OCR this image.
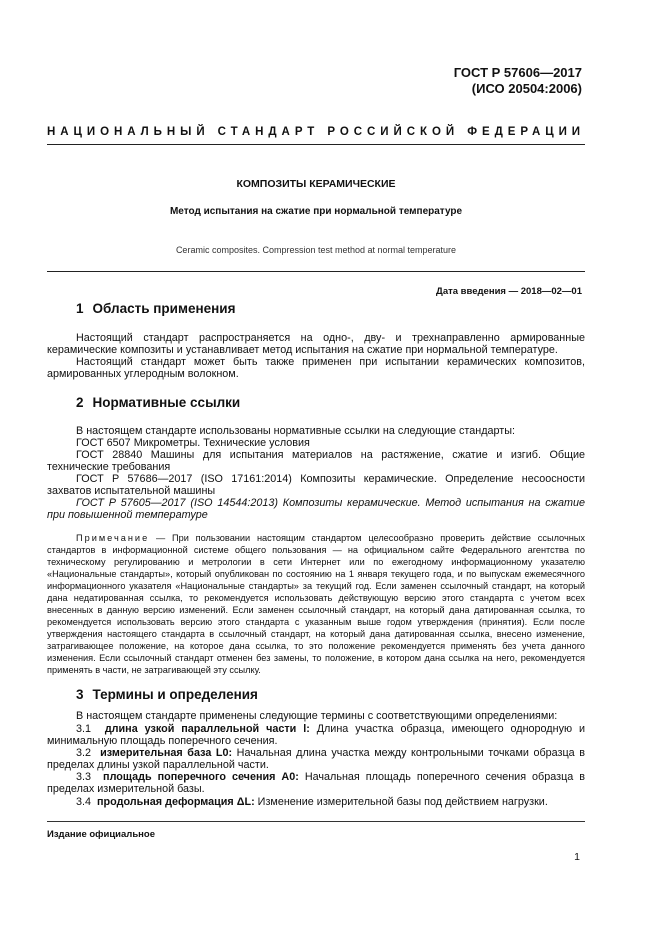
ГОСТ Р 57606—2017
(ИСО 20504:2006)
НАЦИОНАЛЬНЫЙ СТАНДАРТ РОССИЙСКОЙ ФЕДЕРАЦИИ
КОМПОЗИТЫ КЕРАМИЧЕСКИЕ
Метод испытания на сжатие при нормальной температуре
Ceramic composites. Compression test method at normal temperature
Дата введения — 2018—02—01
1 Область применения
Настоящий стандарт распространяется на одно-, дву- и трехнаправленно армированные керамические композиты и устанавливает метод испытания на сжатие при нормальной температуре.
Настоящий стандарт может быть также применен при испытании керамических композитов, армированных углеродным волокном.
2 Нормативные ссылки
В настоящем стандарте использованы нормативные ссылки на следующие стандарты:
ГОСТ 6507 Микрометры. Технические условия
ГОСТ 28840 Машины для испытания материалов на растяжение, сжатие и изгиб. Общие технические требования
ГОСТ Р 57686—2017 (ISO 17161:2014) Композиты керамические. Определение несоосности захватов испытательной машины
ГОСТ Р 57605—2017 (ISO 14544:2013) Композиты керамические. Метод испытания на сжатие при повышенной температуре
Примечание — При пользовании настоящим стандартом целесообразно проверить действие ссылочных стандартов в информационной системе общего пользования — на официальном сайте Федерального агентства по техническому регулированию и метрологии в сети Интернет или по ежегодному информационному указателю «Национальные стандарты», который опубликован по состоянию на 1 января текущего года, и по выпускам ежемесячного информационного указателя «Национальные стандарты» за текущий год. Если заменен ссылочный стандарт, на который дана недатированная ссылка, то рекомендуется использовать действующую версию этого стандарта с учетом всех внесенных в данную версию изменений. Если заменен ссылочный стандарт, на который дана датированная ссылка, то рекомендуется использовать версию этого стандарта с указанным выше годом утверждения (принятия). Если после утверждения настоящего стандарта в ссылочный стандарт, на который дана датированная ссылка, внесено изменение, затрагивающее положение, на которое дана ссылка, то это положение рекомендуется применять без учета данного изменения. Если ссылочный стандарт отменен без замены, то положение, в котором дана ссылка на него, рекомендуется применять в части, не затрагивающей эту ссылку.
3 Термины и определения
В настоящем стандарте применены следующие термины с соответствующими определениями:
3.1 длина узкой параллельной части l: Длина участка образца, имеющего однородную и минимальную площадь поперечного сечения.
3.2 измерительная база L0: Начальная длина участка между контрольными точками образца в пределах длины узкой параллельной части.
3.3 площадь поперечного сечения A0: Начальная площадь поперечного сечения образца в пределах измерительной базы.
3.4 продольная деформация ΔL: Изменение измерительной базы под действием нагрузки.
Издание официальное
1
